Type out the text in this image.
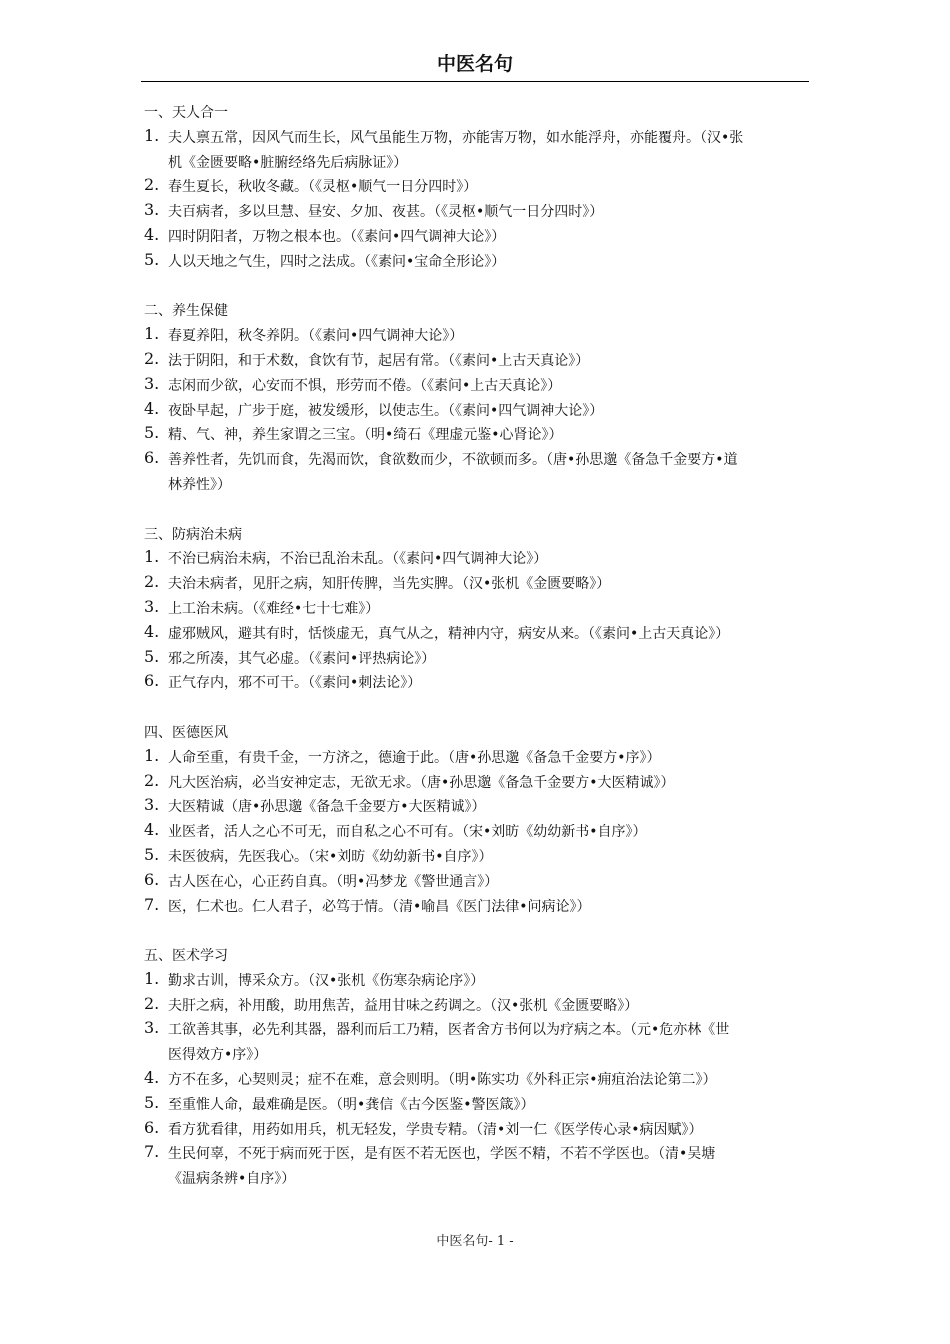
中医名句
一、天人合一
1. 夫人禀五常，因风气而生长，风气虽能生万物，亦能害万物，如水能浮舟，亦能覆舟。（汉•张
机《金匮要略•脏腑经络先后病脉证》）
2. 春生夏长，秋收冬藏。（《灵枢•顺气一日分四时》）
3. 夫百病者，多以旦慧、昼安、夕加、夜甚。（《灵枢•顺气一日分四时》）
4. 四时阴阳者，万物之根本也。（《素问•四气调神大论》）
5. 人以天地之气生，四时之法成。（《素问•宝命全形论》）
二、养生保健
1. 春夏养阳，秋冬养阴。（《素问•四气调神大论》）
2. 法于阴阳，和于术数，食饮有节，起居有常。（《素问•上古天真论》）
3. 志闲而少欲，心安而不惧，形劳而不倦。（《素问•上古天真论》）
4. 夜卧早起，广步于庭，被发缓形，以使志生。（《素问•四气调神大论》）
5. 精、气、神，养生家谓之三宝。（明•绮石《理虚元鉴•心肾论》）
6. 善养性者，先饥而食，先渴而饮，食欲数而少，不欲顿而多。（唐•孙思邈《备急千金要方•道
林养性》）
三、防病治未病
1. 不治已病治未病，不治已乱治未乱。（《素问•四气调神大论》）
2. 夫治未病者，见肝之病，知肝传脾，当先实脾。（汉•张机《金匮要略》）
3. 上工治未病。（《难经•七十七难》）
4. 虚邪贼风，避其有时，恬惔虚无，真气从之，精神内守，病安从来。（《素问•上古天真论》）
5. 邪之所凑，其气必虚。（《素问•评热病论》）
6. 正气存内，邪不可干。（《素问•刺法论》）
四、医德医风
1. 人命至重，有贵千金，一方济之，德逾于此。（唐•孙思邈《备急千金要方•序》）
2. 凡大医治病，必当安神定志，无欲无求。（唐•孙思邈《备急千金要方•大医精诚》）
3. 大医精诚（唐•孙思邈《备急千金要方•大医精诚》）
4. 业医者，活人之心不可无，而自私之心不可有。（宋•刘昉《幼幼新书•自序》）
5. 未医彼病，先医我心。（宋•刘昉《幼幼新书•自序》）
6. 古人医在心，心正药自真。（明•冯梦龙《警世通言》）
7. 医，仁术也。仁人君子，必笃于情。（清•喻昌《医门法律•问病论》）
五、医术学习
1. 勤求古训，博采众方。（汉•张机《伤寒杂病论序》）
2. 夫肝之病，补用酸，助用焦苦，益用甘味之药调之。（汉•张机《金匮要略》）
3. 工欲善其事，必先利其器，器利而后工乃精，医者舍方书何以为疗病之本。（元•危亦林《世
医得效方•序》）
4. 方不在多，心契则灵；症不在难，意会则明。（明•陈实功《外科正宗•痈疽治法论第二》）
5. 至重惟人命，最难确是医。（明•龚信《古今医鉴•警医箴》）
6. 看方犹看律，用药如用兵，机无轻发，学贵专精。（清•刘一仁《医学传心录•病因赋》）
7. 生民何辜，不死于病而死于医，是有医不若无医也，学医不精，不若不学医也。（清•吴塘
《温病条辨•自序》）
中医名句- 1 -
